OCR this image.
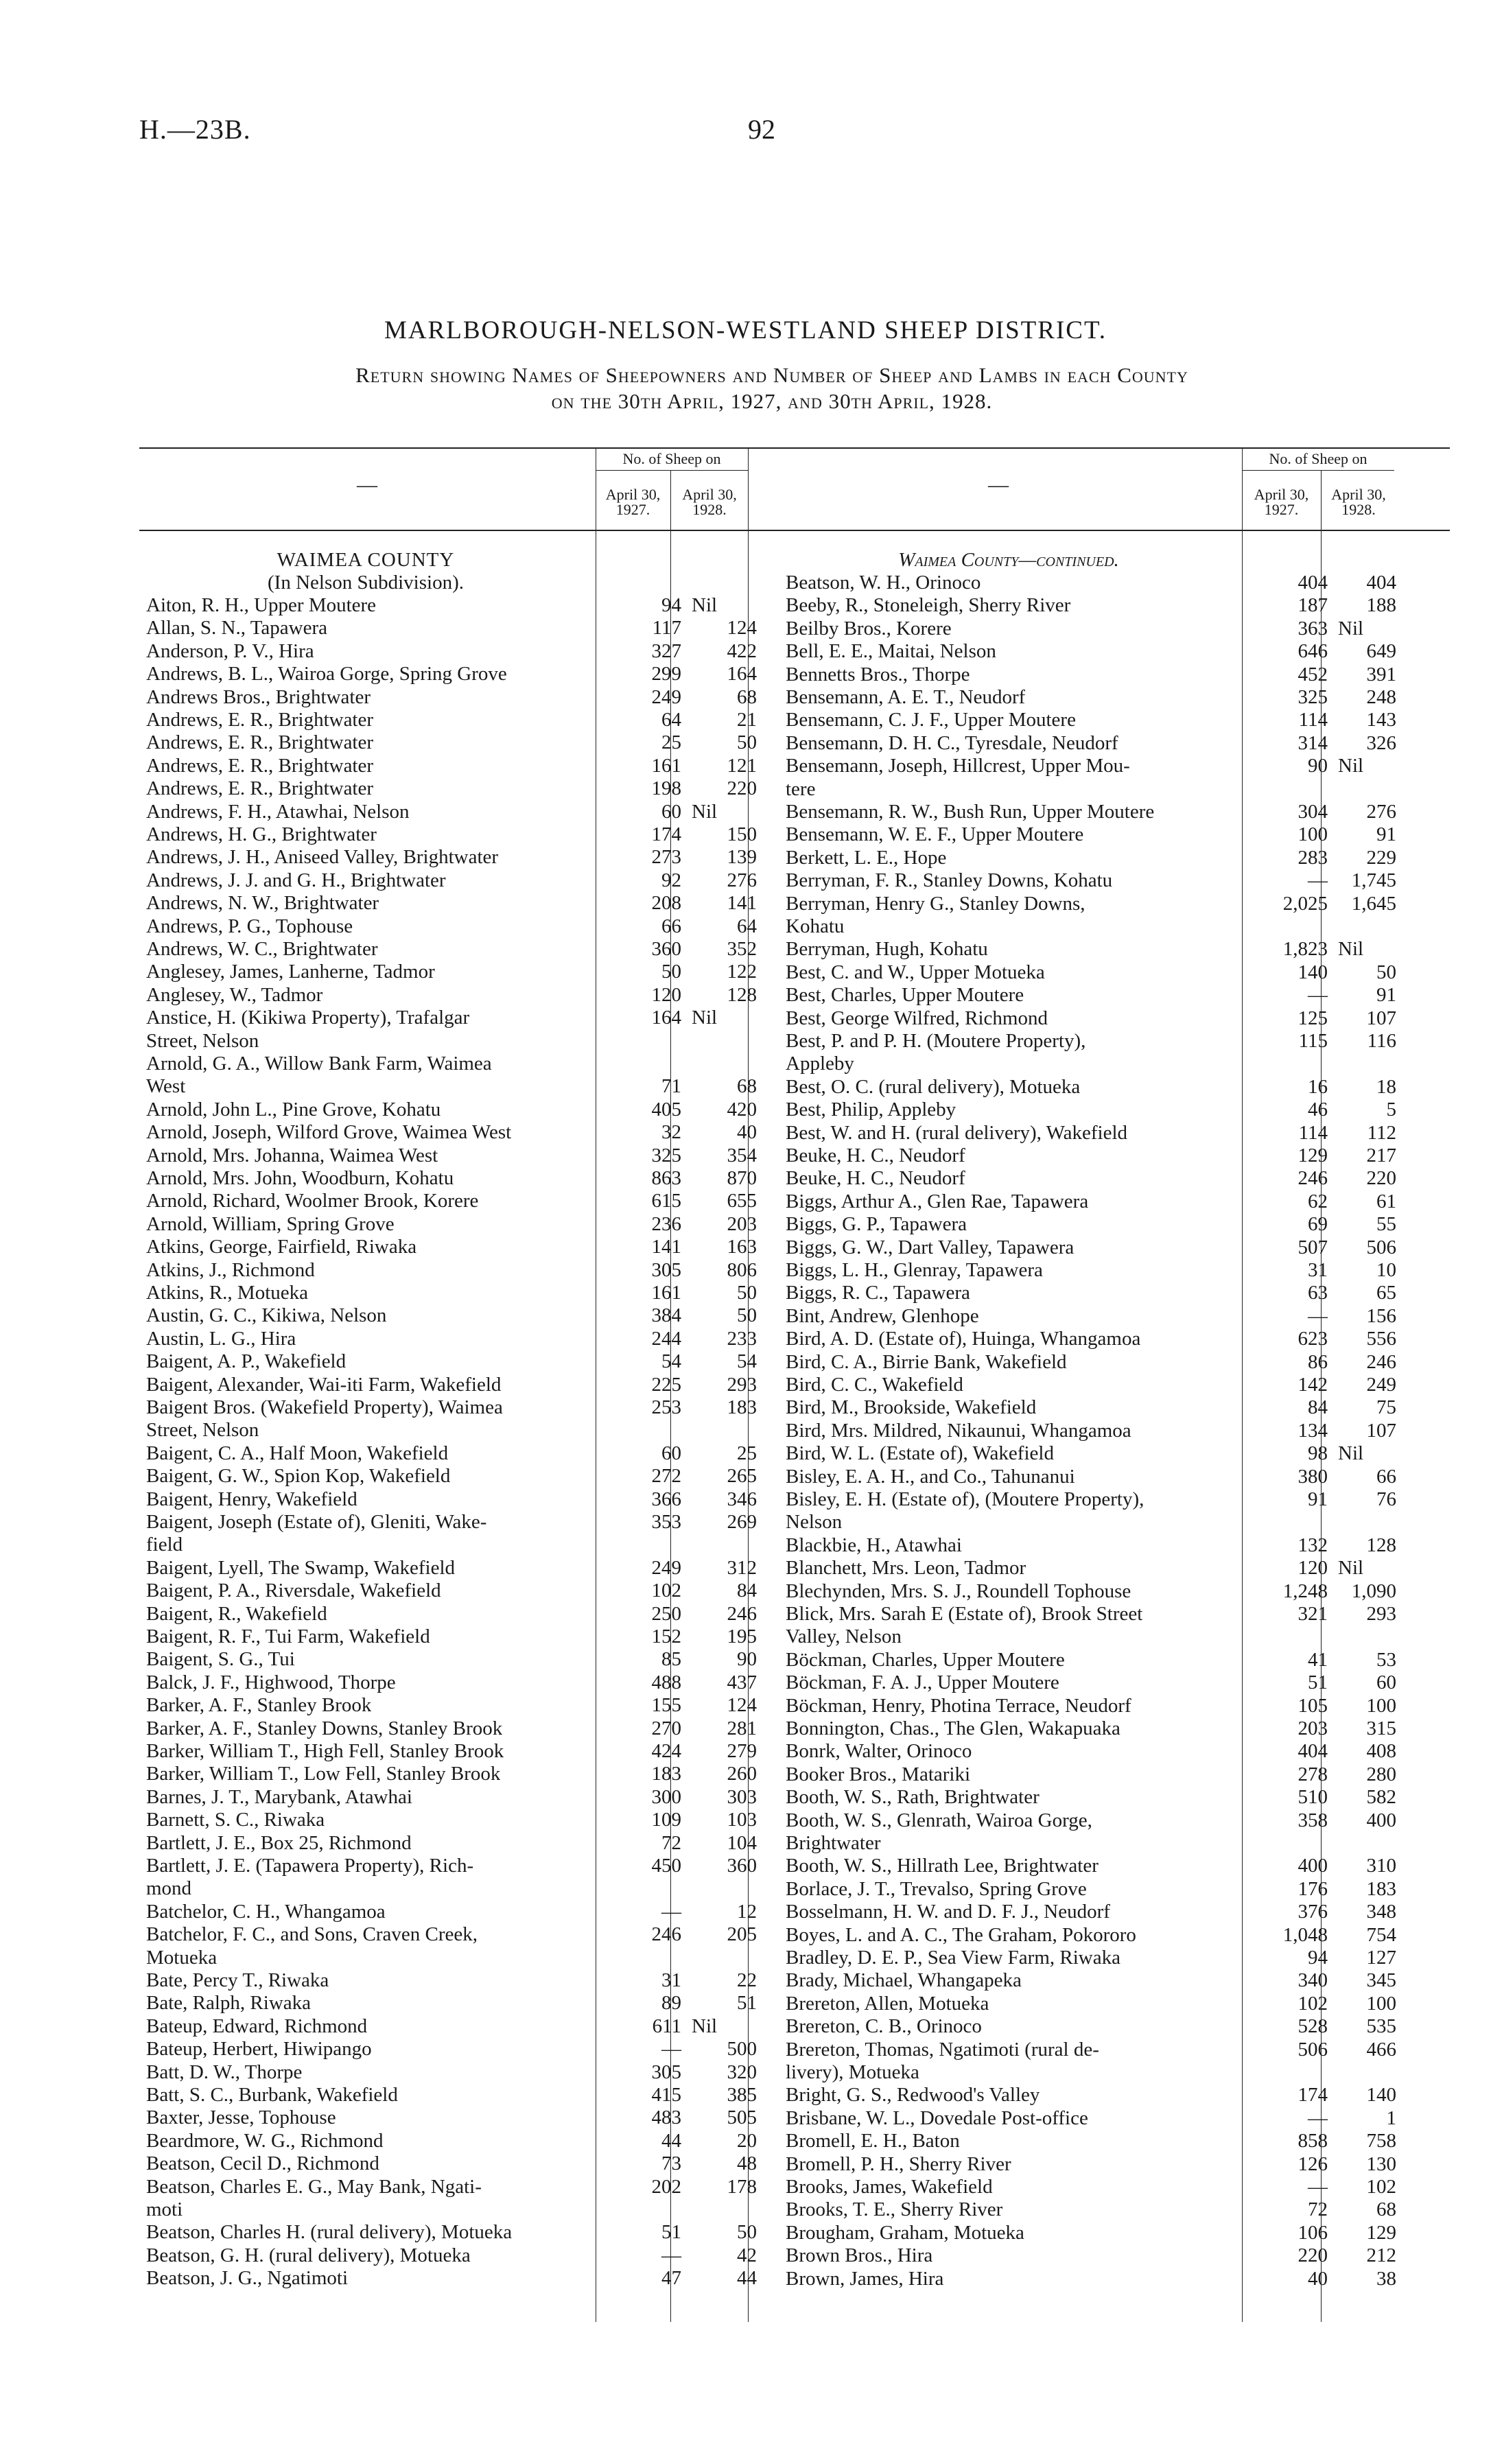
H.—23B.	92
MARLBOROUGH-NELSON-WESTLAND SHEEP DISTRICT.
Return showing Names of Sheepowners and Number of Sheep and Lambs in each County
on the 30th April, 1927, and 30th April, 1928.
—
No. of Sheep on
April 30, 1927.
April 30, 1928.
—
No. of Sheep on
April 30, 1927.
April 30, 1928.
WAIMEA COUNTY
(In Nelson Subdivision).
Waimea County—continued.
Aiton, R. H., Upper Moutere	94 Nil
Allan, S. N., Tapawera	117	124
Anderson, P. V., Hira	327	422
Andrews, B. L., Wairoa Gorge, Spring Grove	299	164
Andrews Bros., Brightwater	249	68
Andrews, E. R., Brightwater	64	21
Andrews, E. R., Brightwater	25	50
Andrews, E. R., Brightwater	161	121
Andrews, E. R., Brightwater	198	220
Andrews, F. H., Atawhai, Nelson	60 Nil
Andrews, H. G., Brightwater	174	150
Andrews, J. H., Aniseed Valley, Brightwater	273	139
Andrews, J. J. and G. H., Brightwater	92	276
Andrews, N. W., Brightwater	208	141
Andrews, P. G., Tophouse	66	64
Andrews, W. C., Brightwater	360	352
Anglesey, James, Lanherne, Tadmor	50	122
Anglesey, W., Tadmor	120	128
Anstice, H. (Kikiwa Property), Trafalgar	164 Nil
Street, Nelson
Arnold, G. A., Willow Bank Farm, Waimea
West	71	68
Arnold, John L., Pine Grove, Kohatu	405	420
Arnold, Joseph, Wilford Grove, Waimea West	32	40
Arnold, Mrs. Johanna, Waimea West	325	354
Arnold, Mrs. John, Woodburn, Kohatu	863	870
Arnold, Richard, Woolmer Brook, Korere	615	655
Arnold, William, Spring Grove	236	203
Atkins, George, Fairfield, Riwaka	141	163
Atkins, J., Richmond	305	806
Atkins, R., Motueka	161	50
Austin, G. C., Kikiwa, Nelson	384	50
Austin, L. G., Hira	244	233
Baigent, A. P., Wakefield	54	54
Baigent, Alexander, Wai-iti Farm, Wakefield	225	293
Baigent Bros. (Wakefield Property), Waimea	253	183
Street, Nelson
Baigent, C. A., Half Moon, Wakefield	60	25
Baigent, G. W., Spion Kop, Wakefield	272	265
Baigent, Henry, Wakefield	366	346
Baigent, Joseph (Estate of), Gleniti, Wake-	353	269
field
Baigent, Lyell, The Swamp, Wakefield	249	312
Baigent, P. A., Riversdale, Wakefield	102	84
Baigent, R., Wakefield	250	246
Baigent, R. F., Tui Farm, Wakefield	152	195
Baigent, S. G., Tui	85	90
Balck, J. F., Highwood, Thorpe	488	437
Barker, A. F., Stanley Brook	155	124
Barker, A. F., Stanley Downs, Stanley Brook	270	281
Barker, William T., High Fell, Stanley Brook	424	279
Barker, William T., Low Fell, Stanley Brook	183	260
Barnes, J. T., Marybank, Atawhai	300	303
Barnett, S. C., Riwaka	109	103
Bartlett, J. E., Box 25, Richmond	72	104
Bartlett, J. E. (Tapawera Property), Rich-	450	360
mond
Batchelor, C. H., Whangamoa	—	12
Batchelor, F. C., and Sons, Craven Creek,	246	205
Motueka
Bate, Percy T., Riwaka	31	22
Bate, Ralph, Riwaka	89	51
Bateup, Edward, Richmond	611 Nil
Bateup, Herbert, Hiwipango	—	500
Batt, D. W., Thorpe	305	320
Batt, S. C., Burbank, Wakefield	415	385
Baxter, Jesse, Tophouse	483	505
Beardmore, W. G., Richmond	44	20
Beatson, Cecil D., Richmond	73	48
Beatson, Charles E. G., May Bank, Ngati-	202	178
moti
Beatson, Charles H. (rural delivery), Motueka	51	50
Beatson, G. H. (rural delivery), Motueka	—	42
Beatson, J. G., Ngatimoti	47	44
Beatson, W. H., Orinoco	404	404
Beeby, R., Stoneleigh, Sherry River	187	188
Beilby Bros., Korere	363 Nil
Bell, E. E., Maitai, Nelson	646	649
Bennetts Bros., Thorpe	452	391
Bensemann, A. E. T., Neudorf	325	248
Bensemann, C. J. F., Upper Moutere	114	143
Bensemann, D. H. C., Tyresdale, Neudorf	314	326
Bensemann, Joseph, Hillcrest, Upper Mou-	90 Nil
tere
Bensemann, R. W., Bush Run, Upper Moutere	304	276
Bensemann, W. E. F., Upper Moutere	100	91
Berkett, L. E., Hope	283	229
Berryman, F. R., Stanley Downs, Kohatu	—	1,745
Berryman, Henry G., Stanley Downs,	2,025	1,645
Kohatu
Berryman, Hugh, Kohatu	1,823 Nil
Best, C. and W., Upper Motueka	140	50
Best, Charles, Upper Moutere	—	91
Best, George Wilfred, Richmond	125	107
Best, P. and P. H. (Moutere Property),	115	116
Appleby
Best, O. C. (rural delivery), Motueka	16	18
Best, Philip, Appleby	46	5
Best, W. and H. (rural delivery), Wakefield	114	112
Beuke, H. C., Neudorf	129	217
Beuke, H. C., Neudorf	246	220
Biggs, Arthur A., Glen Rae, Tapawera	62	61
Biggs, G. P., Tapawera	69	55
Biggs, G. W., Dart Valley, Tapawera	507	506
Biggs, L. H., Glenray, Tapawera	31	10
Biggs, R. C., Tapawera	63	65
Bint, Andrew, Glenhope	—	156
Bird, A. D. (Estate of), Huinga, Whangamoa	623	556
Bird, C. A., Birrie Bank, Wakefield	86	246
Bird, C. C., Wakefield	142	249
Bird, M., Brookside, Wakefield	84	75
Bird, Mrs. Mildred, Nikaunui, Whangamoa	134	107
Bird, W. L. (Estate of), Wakefield	98 Nil
Bisley, E. A. H., and Co., Tahunanui	380	66
Bisley, E. H. (Estate of), (Moutere Property),	91	76
Nelson
Blackbie, H., Atawhai	132	128
Blanchett, Mrs. Leon, Tadmor	120 Nil
Blechynden, Mrs. S. J., Roundell Tophouse	1,248	1,090
Blick, Mrs. Sarah E (Estate of), Brook Street	321	293
Valley, Nelson
Böckman, Charles, Upper Moutere	41	53
Böckman, F. A. J., Upper Moutere	51	60
Böckman, Henry, Photina Terrace, Neudorf	105	100
Bonnington, Chas., The Glen, Wakapuaka	203	315
Bonrk, Walter, Orinoco	404	408
Booker Bros., Matariki	278	280
Booth, W. S., Rath, Brightwater	510	582
Booth, W. S., Glenrath, Wairoa Gorge,	358	400
Brightwater
Booth, W. S., Hillrath Lee, Brightwater	400	310
Borlace, J. T., Trevalso, Spring Grove	176	183
Bosselmann, H. W. and D. F. J., Neudorf	376	348
Boyes, L. and A. C., The Graham, Pokororo	1,048	754
Bradley, D. E. P., Sea View Farm, Riwaka	94	127
Brady, Michael, Whangapeka	340	345
Brereton, Allen, Motueka	102	100
Brereton, C. B., Orinoco	528	535
Brereton, Thomas, Ngatimoti (rural de-	506	466
livery), Motueka
Bright, G. S., Redwood's Valley	174	140
Brisbane, W. L., Dovedale Post-office	—	1
Bromell, E. H., Baton	858	758
Bromell, P. H., Sherry River	126	130
Brooks, James, Wakefield	—	102
Brooks, T. E., Sherry River	72	68
Brougham, Graham, Motueka	106	129
Brown Bros., Hira	220	212
Brown, James, Hira	40	38
